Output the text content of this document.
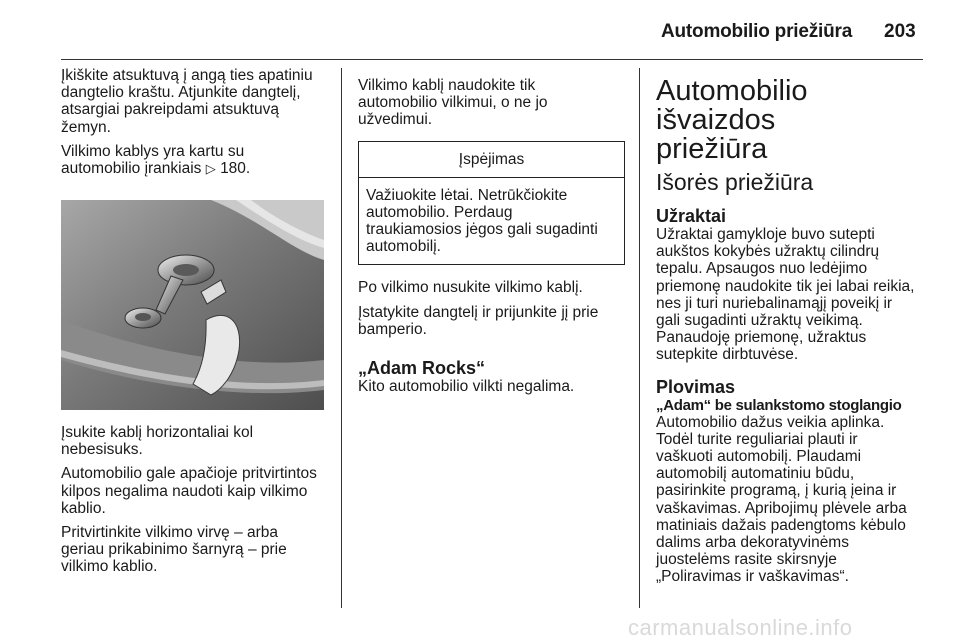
Automobilio priežiūra 203

Įkiškite atsuktuvą į angą ties apatiniu
dangtelio kraštu. Atjunkite dangtelį,
atsargiai pakreipdami atsuktuvą
žemyn.

Vilkimo kablys yra kartu su
automobilio įrankiais ▷ 180.

Įsukite kablį horizontaliai kol
nebesisuks.

Automobilio gale apačioje pritvirtintos
kilpos negalima naudoti kaip vilkimo
kablio.

Pritvirtinkite vilkimo virvę – arba
geriau prikabinimo šarnyrą – prie
vilkimo kablio.

Vilkimo kablį naudokite tik
automobilio vilkimui, o ne jo
užvedimui.

Įspėjimas

Važiuokite lėtai. Netrūkčiokite
automobilio. Perdaug
traukiamosios jėgos gali sugadinti
automobilį.

Po vilkimo nusukite vilkimo kablį.

Įstatykite dangtelį ir prijunkite jį prie
bamperio.

„Adam Rocks“

Kito automobilio vilkti negalima.

Automobilio išvaizdos
priežiūra
Išorės priežiūra
Užraktai

Užraktai gamykloje buvo sutepti
aukštos kokybės užraktų cilindrų
tepalu. Apsaugos nuo ledėjimo
priemonę naudokite tik jei labai reikia,
nes ji turi nuriebalinamąjį poveikį ir
gali sugadinti užraktų veikimą.
Panaudoję priemonę, užraktus
sutepkite dirbtuvėse.

Plovimas
„Adam“ be sulankstomo stoglangio

Automobilio dažus veikia aplinka.
Todėl turite reguliariai plauti ir
vaškuoti automobilį. Plaudami
automobilį automatiniu būdu,
pasirinkite programą, į kurią įeina ir
vaškavimas. Apribojimų plėvele arba
matiniais dažais padengtoms kėbulo
dalims arba dekoratyvinėms
juostelėms rasite skirsnyje
„Poliravimas ir vaškavimas“.

carmanualsonline.info
